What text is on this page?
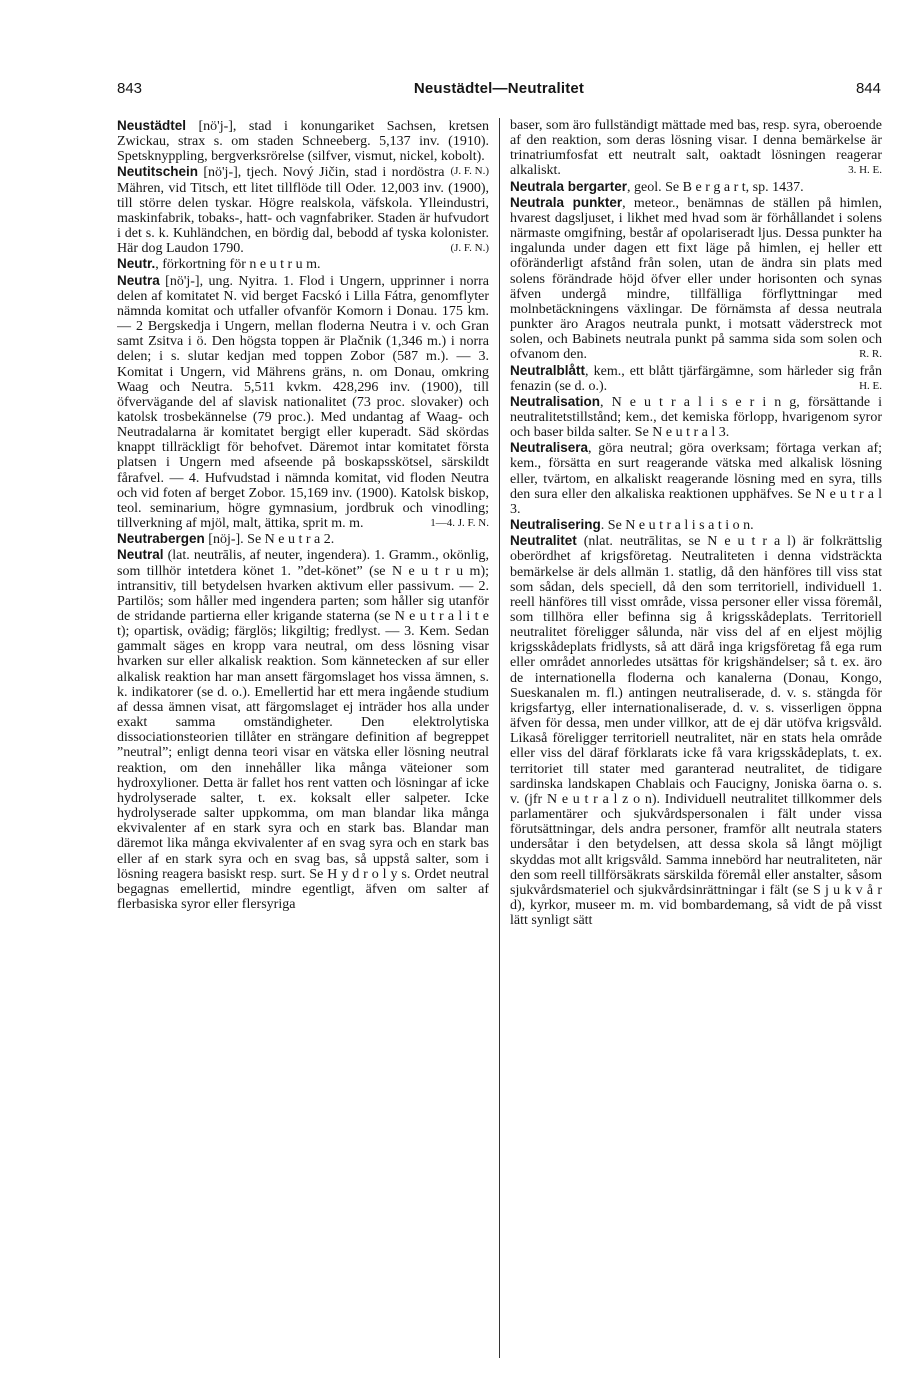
843	Neustädtel—Neutralitet	844

Neustädtel [nö'j-], stad i konungariket Sachsen, kretsen Zwickau, strax s. om staden Schneeberg. 5,137 inv. (1910). Spetsknyppling, bergverksrörelse (silfver, vismut, nickel, kobolt).
(J. F. N.)

Neutitschein [nö'j-], tjech. Nový Jičin, stad i nordöstra Mähren, vid Titsch, ett litet tillflöde till Oder. 12,003 inv. (1900), till större delen tyskar. Högre realskola, väfskola. Ylleindustri, maskinfabrik, tobaks-, hatt- och vagnfabriker. Staden är hufvudort i det s. k. Kuhländchen, en bördig dal, bebodd af tyska kolonister. Här dog Laudon 1790.	(J. F. N.)

Neutr., förkortning för n e u t r u m.

Neutra [nö'j-], ung. Nyitra. 1. Flod i Ungern, upprinner i norra delen af komitatet N. vid berget Facskó i Lilla Fátra, genomflyter nämnda komitat och utfaller ofvanför Komorn i Donau. 175 km. — 2 Bergskedja i Ungern, mellan floderna Neutra i v. och Gran samt Zsitva i ö. Den högsta toppen är Plačnik (1,346 m.) i norra delen; i s. slutar kedjan med toppen Zobor (587 m.). — 3. Komitat i Ungern, vid Mährens gräns, n. om Donau, omkring Waag och Neutra. 5,511 kvkm. 428,296 inv. (1900), till öfvervägande del af slavisk nationalitet (73 proc. slovaker) och katolsk trosbekännelse (79 proc.). Med undantag af Waag- och Neutradalarna är komitatet bergigt eller kuperadt. Säd skördas knappt tillräckligt för behofvet. Däremot intar komitatet första platsen i Ungern med afseende på boskapsskötsel, särskildt fårafvel. — 4. Hufvudstad i nämnda komitat, vid floden Neutra och vid foten af berget Zobor. 15,169 inv. (1900). Katolsk biskop, teol. seminarium, högre gymnasium, jordbruk och vinodling; tillverkning af mjöl, malt, ättika, sprit m. m.	1—4. J. F. N.

Neutrabergen [nöj-]. Se N e u t r a 2.

Neutral (lat. neutrālis, af neuter, ingendera). 1. Gramm., okönlig, som tillhör intetdera könet 1. ”det-könet” (se N e u t r u m); intransitiv, till betydelsen hvarken aktivum eller passivum. — 2. Partilös; som håller med ingendera parten; som håller sig utanför de stridande partierna eller krigande staterna (se N e u t r a l i t e t); opartisk, ovädig; färglös; likgiltig; fredlyst. — 3. Kem. Sedan gammalt säges en kropp vara neutral, om dess lösning visar hvarken sur eller alkalisk reaktion. Som kännetecken af sur eller alkalisk reaktion har man ansett färgomslaget hos vissa ämnen, s. k. indikatorer (se d. o.). Emellertid har ett mera ingående studium af dessa ämnen visat, att färgomslaget ej inträder hos alla under exakt samma omständigheter. Den elektrolytiska dissociationsteorien tillåter en strängare definition af begreppet ”neutral”; enligt denna teori visar en vätska eller lösning neutral reaktion, om den innehåller lika många väteioner som hydroxylioner. Detta är fallet hos rent vatten och lösningar af icke hydrolyserade salter, t. ex. koksalt eller salpeter. Icke hydrolyserade salter uppkomma, om man blandar lika många ekvivalenter af en stark syra och en stark bas. Blandar man däremot lika många ekvivalenter af en svag syra och en stark bas eller af en stark syra och en svag bas, så uppstå salter, som i lösning reagera basiskt resp. surt. Se H y d r o l y s. Ordet neutral begagnas emellertid, mindre egentligt, äfven om salter af flerbasiska syror eller flersyriga

baser, som äro fullständigt mättade med bas, resp. syra, oberoende af den reaktion, som deras lösning visar. I denna bemärkelse är trinatriumfosfat ett neutralt salt, oaktadt lösningen reagerar alkaliskt.	3. H. E.

Neutrala bergarter, geol. Se B e r g a r t, sp. 1437.

Neutrala punkter, meteor., benämnas de ställen på himlen, hvarest dagsljuset, i likhet med hvad som är förhållandet i solens närmaste omgifning, består af opolariseradt ljus. Dessa punkter ha ingalunda under dagen ett fixt läge på himlen, ej heller ett oföränderligt afstånd från solen, utan de ändra sin plats med solens förändrade höjd öfver eller under horisonten och synas äfven undergå mindre, tillfälliga förflyttningar med molnbetäckningens växlingar. De förnämsta af dessa neutrala punkter äro Aragos neutrala punkt, i motsatt väderstreck mot solen, och Babinets neutrala punkt på samma sida som solen och ofvanom den.	R. R.

Neutralblått, kem., ett blått tjärfärgämne, som härleder sig från fenazin (se d. o.).	H. E.

Neutralisation, N e u t r a l i s e r i n g, försättande i neutralitetstillstånd; kem., det kemiska förlopp, hvarigenom syror och baser bilda salter. Se N e u t r a l 3.

Neutralisera, göra neutral; göra overksam; förtaga verkan af; kem., försätta en surt reagerande vätska med alkalisk lösning eller, tvärtom, en alkaliskt reagerande lösning med en syra, tills den sura eller den alkaliska reaktionen upphäfves. Se N e u t r a l 3.

Neutralisering. Se N e u t r a l i s a t i o n.

Neutralitet (nlat. neutrālitas, se N e u t r a l) är folkrättslig oberördhet af krigsföretag. Neutraliteten i denna vidsträckta bemärkelse är dels allmän 1. statlig, då den hänföres till viss stat som sådan, dels speciell, då den som territoriell, individuell 1. reell hänföres till visst område, vissa personer eller vissa föremål, som tillhöra eller befinna sig å krigsskådeplats. Territoriell neutralitet föreligger sålunda, när viss del af en eljest möjlig krigsskådeplats fridlysts, så att därå inga krigsföretag få ega rum eller området annorledes utsättas för krigshändelser; så t. ex. äro de internationella floderna och kanalerna (Donau, Kongo, Sueskanalen m. fl.) antingen neutraliserade, d. v. s. stängda för krigsfartyg, eller internationaliserade, d. v. s. visserligen öppna äfven för dessa, men under villkor, att de ej där utöfva krigsvåld. Likaså föreligger territoriell neutralitet, när en stats hela område eller viss del däraf förklarats icke få vara krigsskådeplats, t. ex. territoriet till stater med garanterad neutralitet, de tidigare sardinska landskapen Chablais och Faucigny, Joniska öarna o. s. v. (jfr N e u t r a l z o n). Individuell neutralitet tillkommer dels parlamentärer och sjukvårdspersonalen i fält under vissa förutsättningar, dels andra personer, framför allt neutrala staters undersåtar i den betydelsen, att dessa skola så långt möjligt skyddas mot allt krigsvåld. Samma innebörd har neutraliteten, när den som reell tillförsäkrats särskilda föremål eller anstalter, såsom sjukvårdsmateriel och sjukvårdsinrättningar i fält (se S j u k v å r d), kyrkor, museer m. m. vid bombardemang, så vidt de på visst lätt synligt sätt
